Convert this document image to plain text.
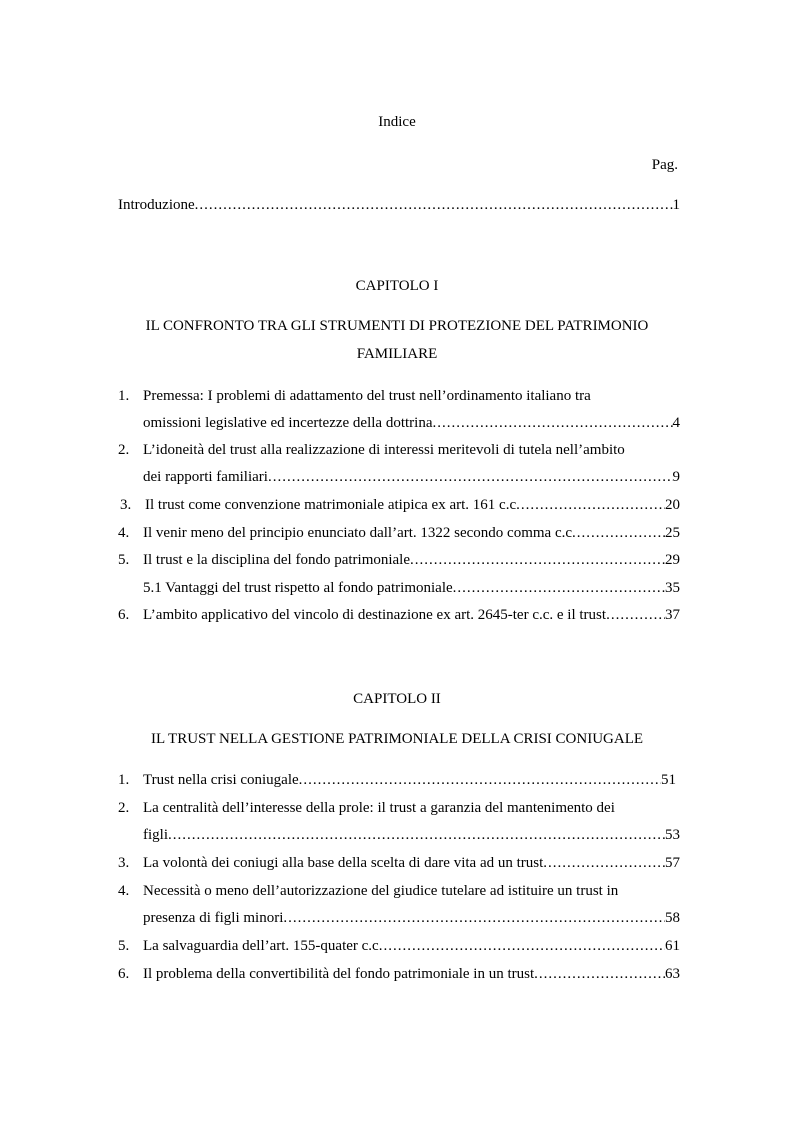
Indice
Pag.
Introduzione .....	1
CAPITOLO I
IL CONFRONTO TRA GLI STRUMENTI DI PROTEZIONE DEL PATRIMONIO
FAMILIARE
1. Premessa: I problemi di adattamento del trust nell’ordinamento italiano tra
omissioni legislative ed incertezze della dottrina .....	4
2. L’idoneità del trust alla realizzazione di interessi meritevoli di tutela nell’ambito
dei rapporti familiari .....	9
3. Il trust come convenzione matrimoniale atipica ex art. 161 c.c .....	20
4. Il venir meno del principio enunciato dall’art. 1322 secondo comma c.c .....	25
5. Il trust e la disciplina del fondo patrimoniale .....	29
5.1 Vantaggi del trust rispetto al fondo patrimoniale .....	35
6. L’ambito applicativo del vincolo di destinazione ex art. 2645-ter c.c. e il trust .....	37
CAPITOLO II
IL TRUST NELLA GESTIONE PATRIMONIALE DELLA CRISI CONIUGALE
1. Trust nella crisi coniugale .....	51
2. La centralità dell’interesse della prole: il trust a garanzia del mantenimento dei
figli .....	53
3. La volontà dei coniugi alla base della scelta di dare vita ad un trust .....	57
4. Necessità o meno dell’autorizzazione del giudice tutelare ad istituire un trust in
presenza di figli minori .....	58
5. La salvaguardia dell’art. 155-quater c.c .....	61
6. Il problema della convertibilità del fondo patrimoniale in un trust .....	63
